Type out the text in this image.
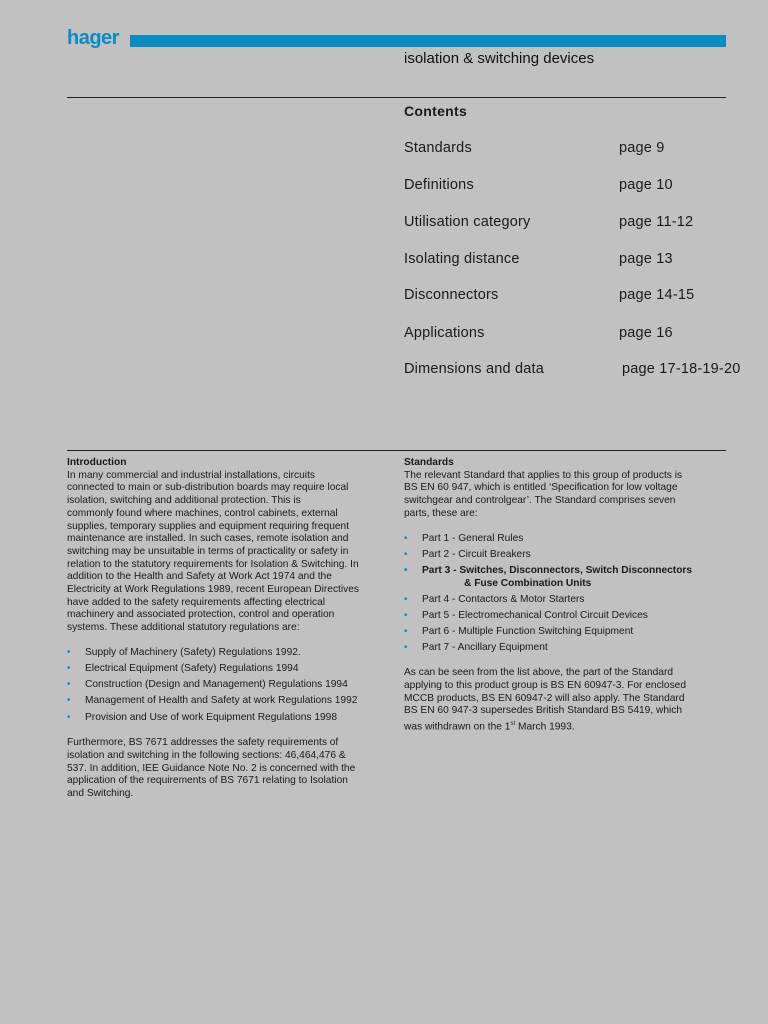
hager
isolation & switching devices
Contents
Standards	page 9
Definitions	page 10
Utilisation category	page 11-12
Isolating distance	page 13
Disconnectors	page 14-15
Applications	page 16
Dimensions and data	page 17-18-19-20
Introduction

In many commercial and industrial installations, circuits

connected to main or sub-distribution boards may require local

isolation, switching and additional protection. This is

commonly found where machines, control cabinets, external

supplies, temporary supplies and equipment requiring frequent

maintenance are installed. In such cases, remote isolation and

switching may be unsuitable in terms of practicality or safety in

relation to the statutory requirements for Isolation & Switching. In

addition to the Health and Safety at Work Act 1974 and the

Electricity at Work Regulations 1989, recent European Directives

have added to the safety requirements affecting electrical

machinery and associated protection, control and operation

systems. These additional statutory regulations are:

• Supply of Machinery (Safety) Regulations 1992.
• Electrical Equipment (Safety) Regulations 1994
• Construction (Design and Management) Regulations 1994
• Management of Health and Safety at work Regulations 1992
• Provision and Use of work Equipment Regulations 1998

Furthermore, BS 7671 addresses the safety requirements of

isolation and switching in the following sections: 46,464,476 &

537. In addition, IEE Guidance Note No. 2 is concerned with the

application of the requirements of BS 7671 relating to Isolation

and Switching.

Standards

The relevant Standard that applies to this group of products is

BS EN 60 947, which is entitled ‘Specification for low voltage

switchgear and controlgear’. The Standard comprises seven

parts, these are:

• Part 1 - General Rules
• Part 2 - Circuit Breakers
• Part 3 - Switches, Disconnectors, Switch Disconnectors
& Fuse Combination Units
• Part 4 - Contactors & Motor Starters
• Part 5 - Electromechanical Control Circuit Devices
• Part 6 - Multiple Function Switching Equipment
• Part 7 - Ancillary Equipment

As can be seen from the list above, the part of the Standard

applying to this product group is BS EN 60947-3. For enclosed

MCCB products, BS EN 60947-2 will also apply. The Standard

BS EN 60 947-3 supersedes British Standard BS 5419, which

was withdrawn on the 1st March 1993.
